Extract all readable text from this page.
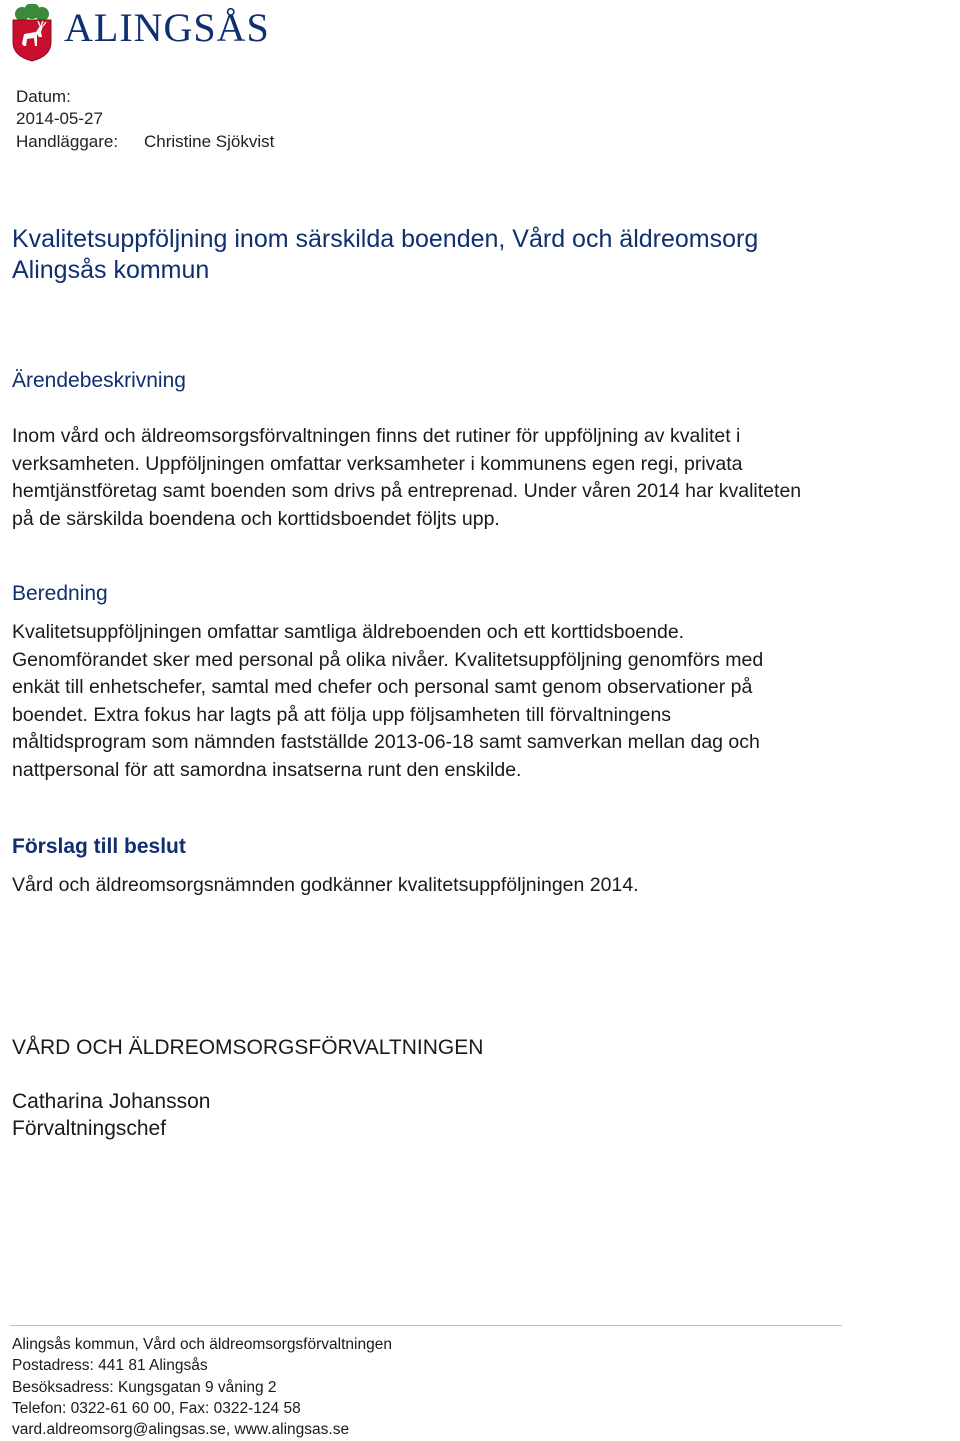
ALINGSÅS
Datum:
2014-05-27
Handläggare: Christine Sjökvist
Kvalitetsuppföljning inom särskilda boenden, Vård och äldreomsorg
Alingsås kommun
Ärendebeskrivning
Inom vård och äldreomsorgsförvaltningen finns det rutiner för uppföljning av kvalitet i
verksamheten. Uppföljningen omfattar verksamheter i kommunens egen regi, privata
hemtjänstföretag samt boenden som drivs på entreprenad. Under våren 2014 har kvaliteten
på de särskilda boendena och korttidsboendet följts upp.
Beredning
Kvalitetsuppföljningen omfattar samtliga äldreboenden och ett korttidsboende.
Genomförandet sker med personal på olika nivåer. Kvalitetsuppföljning genomförs med
enkät till enhetschefer, samtal med chefer och personal samt genom observationer på
boendet. Extra fokus har lagts på att följa upp följsamheten till förvaltningens
måltidsprogram som nämnden fastställde 2013-06-18 samt samverkan mellan dag och
nattpersonal för att samordna insatserna runt den enskilde.
Förslag till beslut
Vård och äldreomsorgsnämnden godkänner kvalitetsuppföljningen 2014.
VÅRD OCH ÄLDREOMSORGSFÖRVALTNINGEN
Catharina Johansson
Förvaltningschef
Alingsås kommun, Vård och äldreomsorgsförvaltningen
Postadress: 441 81 Alingsås
Besöksadress: Kungsgatan 9 våning 2
Telefon: 0322-61 60 00, Fax: 0322-124 58
vard.aldreomsorg@alingsas.se, www.alingsas.se
